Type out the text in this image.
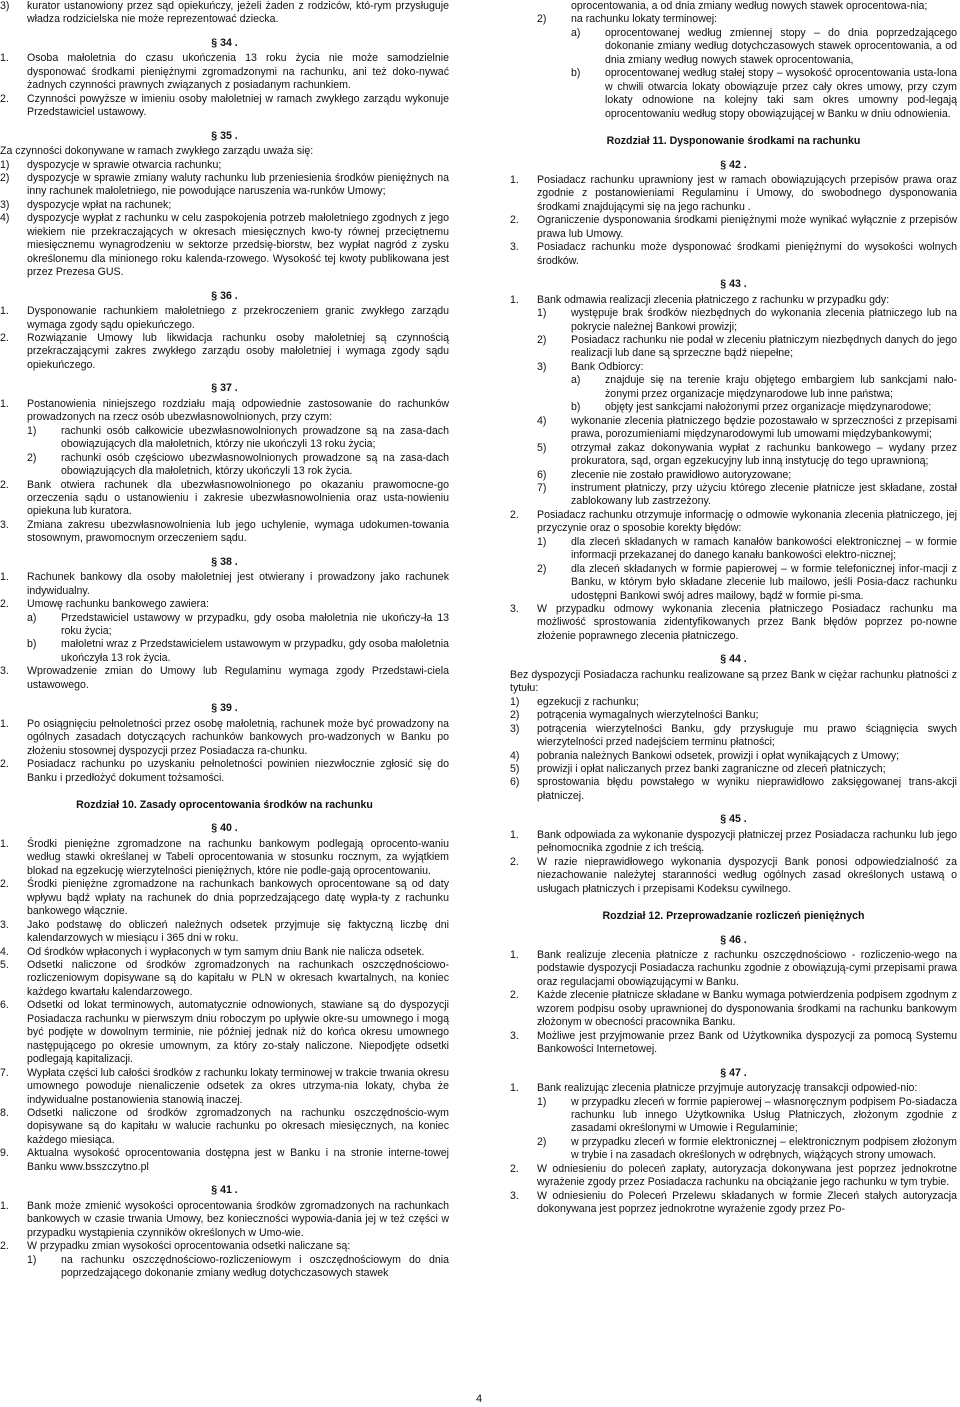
3)	kurator ustanowiony przez sąd opiekuńczy, jeżeli żaden z rodziców, któ-rym przysługuje władza rodzicielska nie może reprezentować dziecka.
§ 34 .
1.	Osoba małoletnia do czasu ukończenia 13 roku życia nie może samodzielnie dysponować środkami pieniężnymi zgromadzonymi na rachunku, ani też doko-nywać żadnych czynności prawnych związanych z posiadanym rachunkiem.
2.	Czynności powyższe w imieniu osoby małoletniej w ramach zwykłego zarządu wykonuje Przedstawiciel ustawowy.
§ 35 .

Za czynności dokonywane w ramach zwykłego zarządu uważa się:

1)	dyspozycje w sprawie otwarcia rachunku;
2)	dyspozycje w sprawie zmiany waluty rachunku lub przeniesienia środków pieniężnych na inny rachunek małoletniego, nie powodujące naruszenia wa-runków Umowy;
3)	dyspozycje wpłat na rachunek;
4)	dyspozycje wypłat z rachunku w celu zaspokojenia potrzeb małoletniego zgodnych z jego wiekiem nie przekraczających w okresach miesięcznych kwo-ty równej przeciętnemu miesięcznemu wynagrodzeniu w sektorze przedsię-biorstw, bez wypłat nagród z zysku określonemu dla minionego roku kalenda-rzowego. Wysokość tej kwoty publikowana jest przez Prezesa GUS.
§ 36 .
1.	Dysponowanie rachunkiem małoletniego z przekroczeniem granic zwykłego zarządu wymaga zgody sądu opiekuńczego.
2.	Rozwiązanie Umowy lub likwidacja rachunku osoby małoletniej są czynnością przekraczającymi zakres zwykłego zarządu osoby małoletniej i wymaga zgody sądu opiekuńczego.
§ 37 .
1.	Postanowienia niniejszego rozdziału mają odpowiednie zastosowanie do rachunków prowadzonych na rzecz osób ubezwłasnowolnionych, przy czym:
1)	rachunki osób całkowicie ubezwłasnowolnionych prowadzone są na zasa-dach obowiązujących dla małoletnich, którzy nie ukończyli 13 roku życia;
2)	rachunki osób częściowo ubezwłasnowolnionych prowadzone są na zasa-dach obowiązujących dla małoletnich, którzy ukończyli 13 rok życia.
2.	Bank otwiera rachunek dla ubezwłasnowolnionego po okazaniu prawomocne-go orzeczenia sądu o ustanowieniu i zakresie ubezwłasnowolnienia oraz usta-nowieniu opiekuna lub kuratora.
3.	Zmiana zakresu ubezwłasnowolnienia lub jego uchylenie, wymaga udokumen-towania stosownym, prawomocnym orzeczeniem sądu.
§ 38 .
1.	Rachunek bankowy dla osoby małoletniej jest otwierany i prowadzony jako rachunek indywidualny.
2.	Umowę rachunku bankowego zawiera:
a)	Przedstawiciel ustawowy w przypadku, gdy osoba małoletnia nie ukończy-ła 13 roku życia;
b)	małoletni wraz z Przedstawicielem ustawowym w przypadku, gdy osoba małoletnia ukończyła 13 rok życia.
3.	Wprowadzenie zmian do Umowy lub Regulaminu wymaga zgody Przedstawi-ciela ustawowego.
§ 39 .
1.	Po osiągnięciu pełnoletności przez osobę małoletnią, rachunek może być prowadzony na ogólnych zasadach dotyczących rachunków bankowych pro-wadzonych w Banku po złożeniu stosownej dyspozycji przez Posiadacza ra-chunku.
2.	Posiadacz rachunku po uzyskaniu pełnoletności powinien niezwłocznie zgłosić się do Banku i przedłożyć dokument tożsamości.
Rozdział 10. Zasady oprocentowania środków na rachunku
§ 40 .
1.	Środki pieniężne zgromadzone na rachunku bankowym podlegają oprocento-waniu według stawki określanej w Tabeli oprocentowania w stosunku rocznym, za wyjątkiem blokad na egzekucję wierzytelności pieniężnych, które nie podle-gają oprocentowaniu.
2.	Środki pieniężne zgromadzone na rachunkach bankowych oprocentowane są od daty wpływu bądź wpłaty na rachunek do dnia poprzedzającego datę wypła-ty z rachunku bankowego włącznie.
3.	Jako podstawę do obliczeń należnych odsetek przyjmuje się faktyczną liczbę dni kalendarzowych w miesiącu i 365 dni w roku.
4.	Od środków wpłaconych i wypłaconych w tym samym dniu Bank nie nalicza odsetek.
5.	Odsetki naliczone od środków zgromadzonych na rachunkach oszczędnościowo-rozliczeniowym dopisywane są do kapitału w PLN w okresach kwartalnych, na koniec każdego kwartału kalendarzowego.
6.	Odsetki od lokat terminowych, automatycznie odnowionych, stawiane są do dyspozycji Posiadacza rachunku w pierwszym dniu roboczym po upływie okre-su umownego i mogą być podjęte w dowolnym terminie, nie później jednak niż do końca okresu umownego następującego po okresie umownym, za który zo-stały naliczone. Niepodjęte odsetki podlegają kapitalizacji.
7.	Wypłata części lub całości środków z rachunku lokaty terminowej w trakcie trwania okresu umownego powoduje nienaliczenie odsetek za okres utrzyma-nia lokaty, chyba że indywidualne postanowienia stanowią inaczej.
8.	Odsetki naliczone od środków zgromadzonych na rachunku oszczędnościo-wym dopisywane są do kapitału w walucie rachunku po okresach miesięcznych, na koniec każdego miesiąca.
9.	Aktualna wysokość oprocentowania dostępna jest w Banku i na stronie interne-towej Banku www.bsszczytno.pl
§ 41 .
1.	Bank może zmienić wysokości oprocentowania środków zgromadzonych na rachunkach bankowych w czasie trwania Umowy, bez konieczności wypowia-dania jej w też części w przypadku wystąpienia czynników określonych w Umo-wie.
2.	W przypadku zmian wysokości oprocentowania odsetki naliczane są:
1)	na rachunku oszczędnościowo-rozliczeniowym i oszczędnościowym do dnia poprzedzającego dokonanie zmiany według dotychczasowych stawek

oprocentowania, a od dnia zmiany według nowych stawek oprocentowa-nia;

2)	na rachunku lokaty terminowej:
a)	oprocentowanej według zmiennej stopy – do dnia poprzedzającego dokonanie zmiany według dotychczasowych stawek oprocentowania, a od dnia zmiany według nowych stawek oprocentowania,
b)	oprocentowanej według stałej stopy – wysokość oprocentowania usta-lona w chwili otwarcia lokaty obowiązuje przez cały okres umowy, przy czym lokaty odnowione na kolejny taki sam okres umowny pod-legają oprocentowaniu według stopy obowiązującej w Banku w dniu odnowienia.
Rozdział 11. Dysponowanie środkami na rachunku
§ 42 .
1.	Posiadacz rachunku uprawniony jest w ramach obowiązujących przepisów prawa oraz zgodnie z postanowieniami Regulaminu i Umowy, do swobodnego dysponowania środkami znajdującymi się na jego rachunku .
2.	Ograniczenie dysponowania środkami pieniężnymi może wynikać wyłącznie z przepisów prawa lub Umowy.
3.	Posiadacz rachunku może dysponować środkami pieniężnymi do wysokości wolnych środków.
§ 43 .
1.	Bank odmawia realizacji zlecenia płatniczego z rachunku w przypadku gdy:
1)	występuje brak środków niezbędnych do wykonania zlecenia płatniczego lub na pokrycie należnej Bankowi prowizji;
2)	Posiadacz rachunku nie podał w zleceniu płatniczym niezbędnych danych do jego realizacji lub dane są sprzeczne bądź niepełne;
3)	Bank Odbiorcy:
a)	znajduje się na terenie kraju objętego embargiem lub sankcjami nało-żonymi przez organizacje międzynarodowe lub inne państwa;
b)	objęty jest sankcjami nałożonymi przez organizacje międzynarodowe;
4)	wykonanie zlecenia płatniczego będzie pozostawało w sprzeczności z przepisami prawa, porozumieniami międzynarodowymi lub umowami międzybankowymi;
5)	otrzymał zakaz dokonywania wypłat z rachunku bankowego – wydany przez prokuratora, sąd, organ egzekucyjny lub inną instytucję do tego uprawnioną;
6)	zlecenie nie zostało prawidłowo autoryzowane;
7)	instrument płatniczy, przy użyciu którego zlecenie płatnicze jest składane, został zablokowany lub zastrzeżony.
2.	Posiadacz rachunku otrzymuje informację o odmowie wykonania zlecenia płatniczego, jej przyczynie oraz o sposobie korekty błędów:
1)	dla zleceń składanych w ramach kanałów bankowości elektronicznej – w formie informacji przekazanej do danego kanału bankowości elektro-nicznej;
2)	dla zleceń składanych w formie papierowej – w formie telefonicznej infor-macji z Banku, w którym było składane zlecenie lub mailowo, jeśli Posia-dacz rachunku udostępni Bankowi swój adres mailowy, bądź w formie pi-sma.
3.	W przypadku odmowy wykonania zlecenia płatniczego Posiadacz rachunku ma możliwość sprostowania zidentyfikowanych przez Bank błędów poprzez po-nowne złożenie poprawnego zlecenia płatniczego.
§ 44 .

Bez dyspozycji Posiadacza rachunku realizowane są przez Bank w ciężar rachunku płatności z tytułu:

1)	egzekucji z rachunku;
2)	potrącenia wymagalnych wierzytelności Banku;
3)	potrącenia wierzytelności Banku, gdy przysługuje mu prawo ściągnięcia swych wierzytelności przed nadejściem terminu płatności;
4)	pobrania należnych Bankowi odsetek, prowizji i opłat wynikających z Umowy;
5)	prowizji i opłat naliczanych przez banki zagraniczne od zleceń płatniczych;
6)	sprostowania błędu powstałego w wyniku nieprawidłowo zaksięgowanej trans-akcji płatniczej.
§ 45 .
1.	Bank odpowiada za wykonanie dyspozycji płatniczej przez Posiadacza rachunku lub jego pełnomocnika zgodnie z ich treścią.
2.	W razie nieprawidłowego wykonania dyspozycji Bank ponosi odpowiedzialność za niezachowanie należytej staranności według ogólnych zasad określonych ustawą o usługach płatniczych i przepisami Kodeksu cywilnego.
Rozdział 12. Przeprowadzanie rozliczeń pieniężnych
§ 46 .
1.	Bank realizuje zlecenia płatnicze z rachunku oszczędnościowo - rozliczenio-wego na podstawie dyspozycji Posiadacza rachunku zgodnie z obowiązują-cymi przepisami prawa oraz regulacjami obowiązującymi w Banku.
2.	Każde zlecenie płatnicze składane w Banku wymaga potwierdzenia podpisem zgodnym z wzorem podpisu osoby uprawnionej do dysponowania środkami na rachunku bankowym złożonym w obecności pracownika Banku.
3.	Możliwe jest przyjmowanie przez Bank od Użytkownika dyspozycji za pomocą Systemu Bankowości Internetowej.
§ 47 .
1.	Bank realizując zlecenia płatnicze przyjmuje autoryzację transakcji odpowied-nio:
1)	w przypadku zleceń w formie papierowej – własnoręcznym podpisem Po-siadacza rachunku lub innego Użytkownika Usług Płatniczych, złożonym zgodnie z zasadami określonymi w Umowie i Regulaminie;
2)	w przypadku zleceń w formie elektronicznej – elektronicznym podpisem złożonym w trybie i na zasadach określonych w odrębnych, wiążących strony umowach.
2.	W odniesieniu do poleceń zapłaty, autoryzacja dokonywana jest poprzez jednokrotne wyrażenie zgody przez Posiadacza rachunku na obciążanie jego rachunku w tym trybie.
3.	W odniesieniu do Poleceń Przelewu składanych w formie Zleceń stałych autoryzacja dokonywana jest poprzez jednokrotne wyrażenie zgody przez Po-
4
